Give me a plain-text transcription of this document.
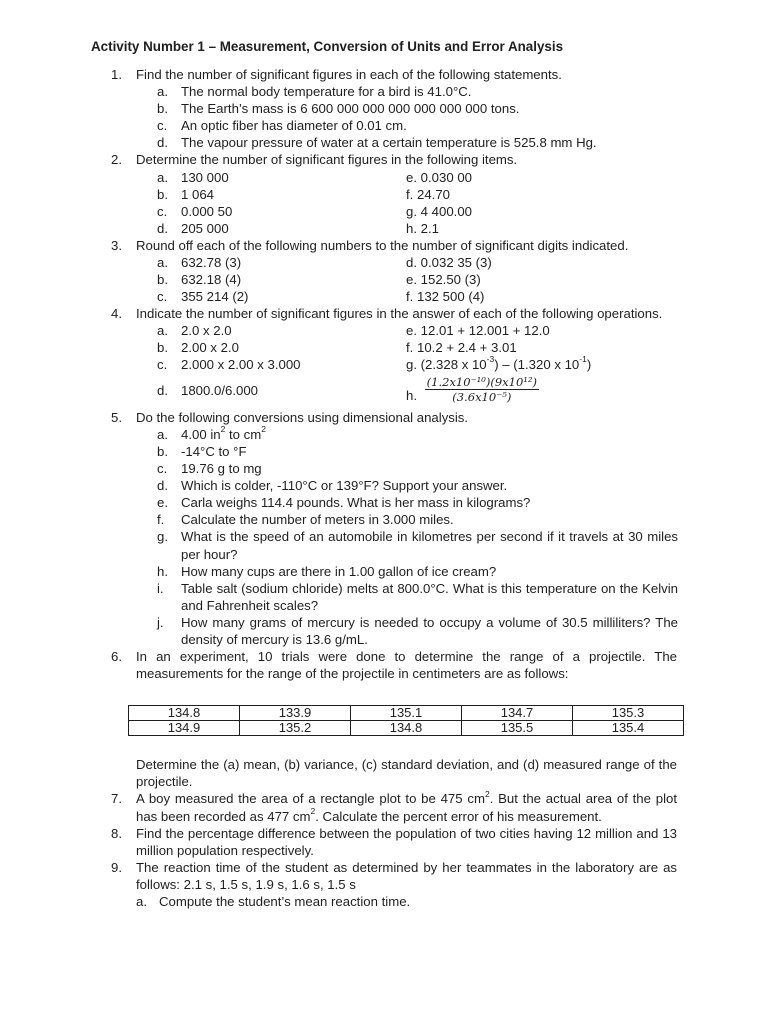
Activity Number 1 – Measurement, Conversion of Units and Error Analysis
1. Find the number of significant figures in each of the following statements.

a. The normal body temperature for a bird is 41.0°C.
b. The Earth’s mass is 6 600 000 000 000 000 000 000 tons.
c. An optic fiber has diameter of 0.01 cm.
d. The vapour pressure of water at a certain temperature is 525.8 mm Hg.
2. Determine the number of significant figures in the following items.

a. 130 000	e. 0.030 00
b. 1 064	f. 24.70
c. 0.000 50	g. 4 400.00
d. 205 000	h. 2.1
3. Round off each of the following numbers to the number of significant digits indicated.

a. 632.78 (3)	d. 0.032 35 (3)
b. 632.18 (4)	e. 152.50 (3)
c. 355 214 (2)	f. 132 500 (4)
4. Indicate the number of significant figures in the answer of each of the following operations.

a. 2.0 x 2.0	e. 12.01 + 12.001 + 12.0
b. 2.00 x 2.0	f. 10.2 + 2.4 + 3.01
c. 2.000 x 2.00 x 3.000	g. (2.328 x $10^{-3}) - (1.320$ x $10^{-1}$)
d. 1800.0/6.000	h. $\frac{\text{(1.2𝑥10⁻¹⁰)(9𝑥10¹²)}}{\text{(3.6𝑥10⁻⁵)}}$
5. Do the following conversions using dimensional analysis.

a. 4.00 $in^2$ to $cm^2$
b. -14°C to °F
c. 19.76 g to mg
d. Which is colder, -110°C or 139°F? Support your answer.
e. Carla weighs 114.4 pounds. What is her mass in kilograms?
f. Calculate the number of meters in 3.000 miles.
g. What is the speed of an automobile in kilometres per second if it travels at 30 miles per hour?
h. How many cups are there in 1.00 gallon of ice cream?
i. Table salt (sodium chloride) melts at 800.0°C. What is this temperature on the Kelvin and Fahrenheit scales?
j. How many grams of mercury is needed to occupy a volume of 30.5 milliliters? The density of mercury is 13.6 g/mL.
6. In an experiment, 10 trials were done to determine the range of a projectile. The measurements for the range of the projectile in centimeters are as follows:

134.8	133.9	135.1	134.7	135.3
134.9	135.2	134.8	135.5	135.4

Determine the (a) mean, (b) variance, (c) standard deviation, and (d) measured range of the projectile.

7. A boy measured the area of a rectangle plot to be 475 $cm^2$. But the actual area of the plot has been recorded as 477 $cm^2$. Calculate the percent error of his measurement.

8. Find the percentage difference between the population of two cities having 12 million and 13 million population respectively.

9. The reaction time of the student as determined by her teammates in the laboratory are as follows: 2.1 s, 1.5 s, 1.9 s, 1.6 s, 1.5 s

a. Compute the student’s mean reaction time.
